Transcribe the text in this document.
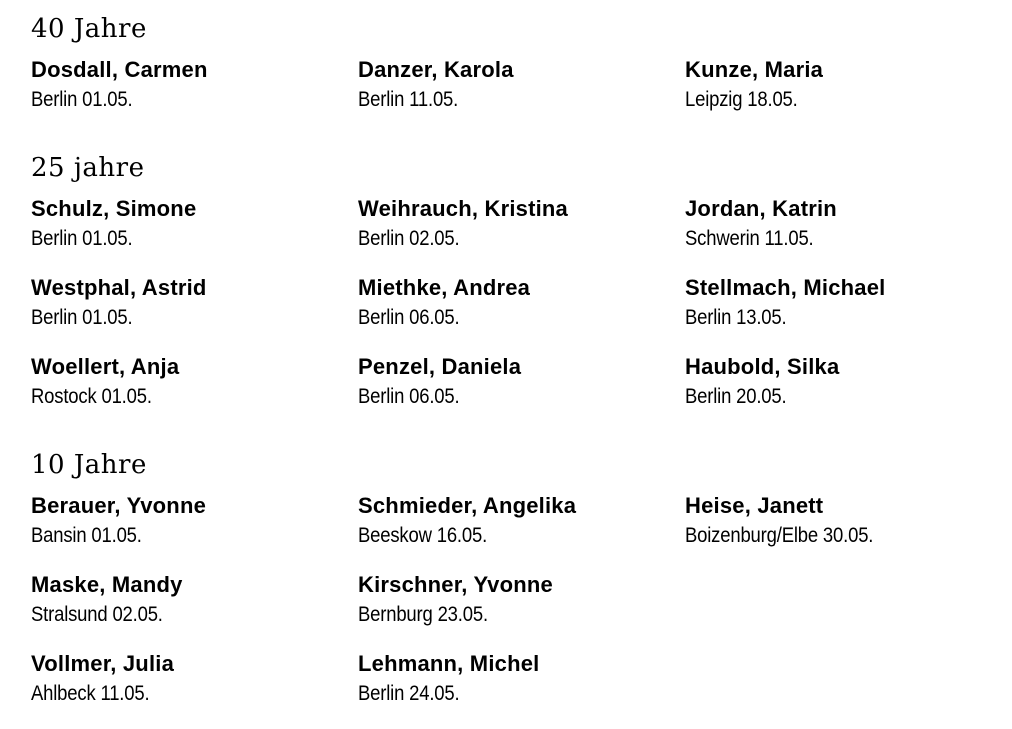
40 Jahre
Dosdall, Carmen
Berlin 01.05.
Danzer, Karola
Berlin 11.05.
Kunze, Maria
Leipzig 18.05.
25 jahre
Schulz, Simone
Berlin 01.05.
Weihrauch, Kristina
Berlin 02.05.
Jordan, Katrin
Schwerin 11.05.
Westphal, Astrid
Berlin 01.05.
Miethke, Andrea
Berlin 06.05.
Stellmach, Michael
Berlin 13.05.
Woellert, Anja
Rostock 01.05.
Penzel, Daniela
Berlin 06.05.
Haubold, Silka
Berlin 20.05.
10 Jahre
Berauer, Yvonne
Bansin 01.05.
Schmieder, Angelika
Beeskow 16.05.
Heise, Janett
Boizenburg/Elbe 30.05.
Maske, Mandy
Stralsund 02.05.
Kirschner, Yvonne
Bernburg 23.05.
Vollmer, Julia
Ahlbeck 11.05.
Lehmann, Michel
Berlin 24.05.
